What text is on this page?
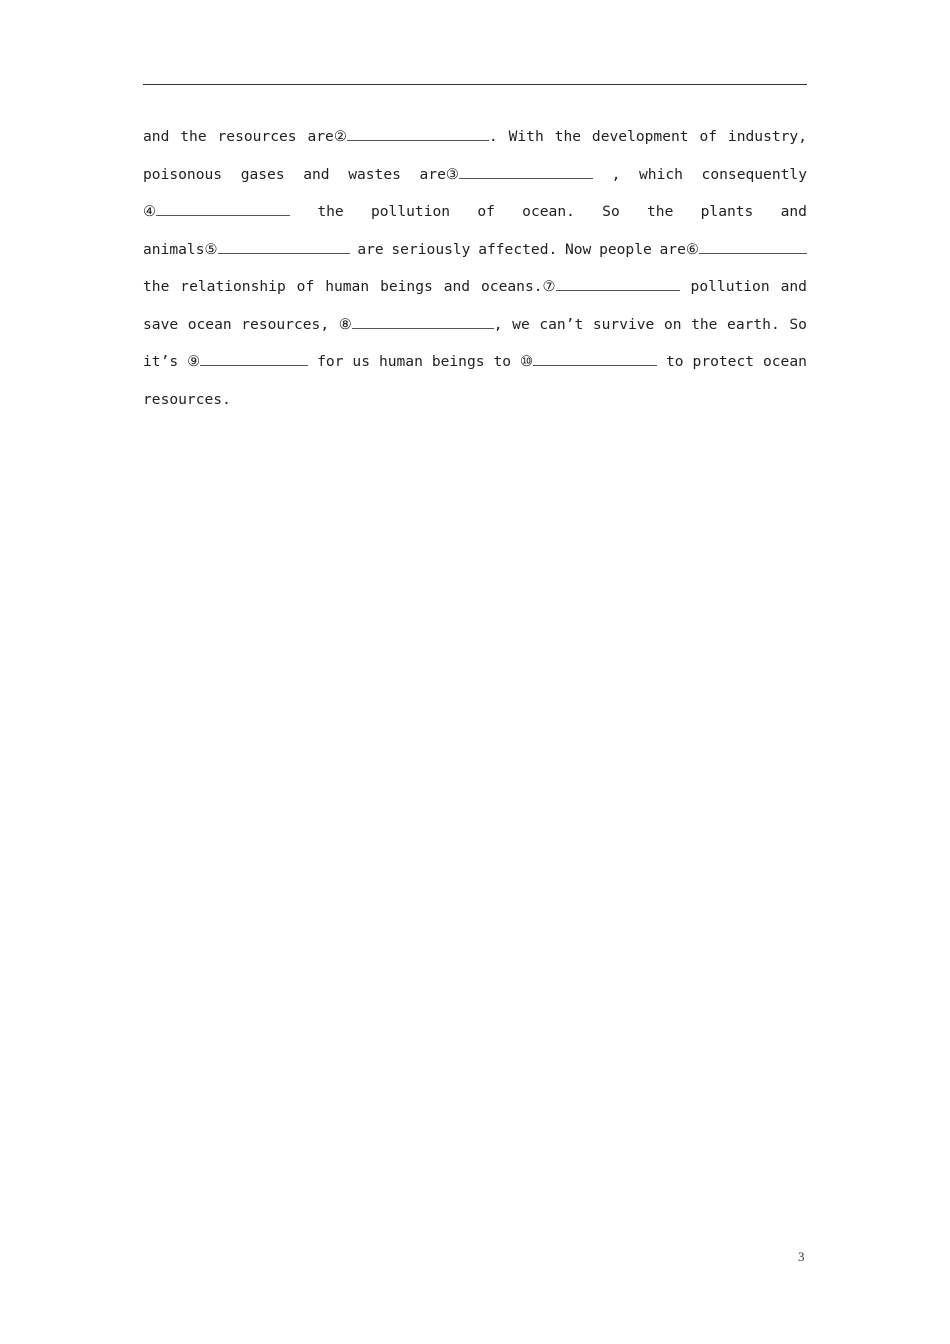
and the resources are②	. With the development of industry,
poisonous gases and wastes are③	, which consequently
④	the pollution of ocean. So the plants and
animals⑤	are seriously affected. Now people are⑥
the relationship of human beings and oceans.⑦	pollution and
save ocean resources, ⑧	, we can’t survive on the earth. So
it’s ⑨	for us human beings to ⑩	to protect ocean
resources.
3
